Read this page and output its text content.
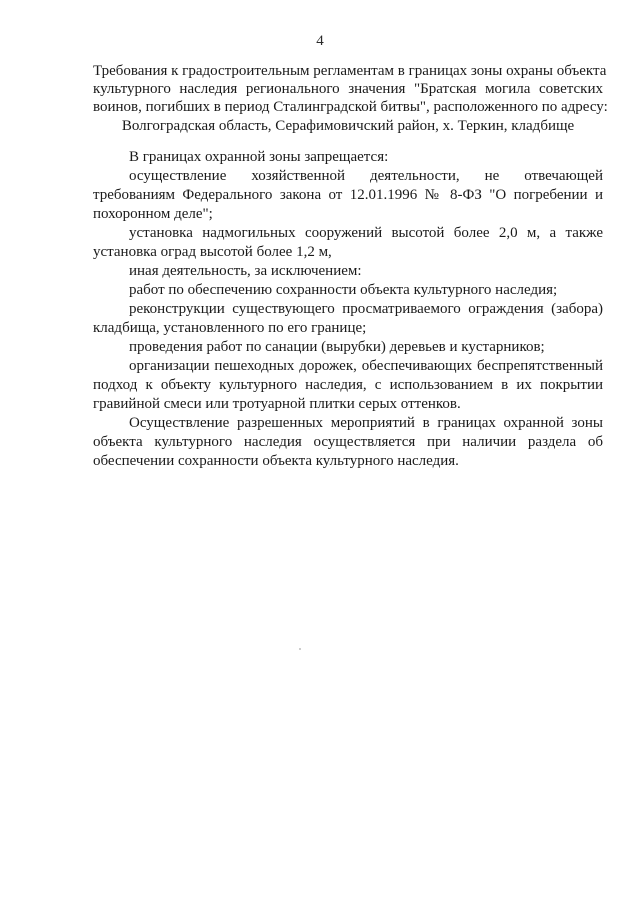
4
Требования к градостроительным регламентам в границах зоны охраны объекта
культурного наследия регионального значения "Братская могила советских
воинов, погибших в период Сталинградской битвы", расположенного по адресу:
Волгоградская область, Серафимовичский район, х. Теркин, кладбище

В границах охранной зоны запрещается:

осуществление хозяйственной деятельности, не отвечающей требованиям Федерального закона от 12.01.1996 № 8-ФЗ "О погребении и похоронном деле";

установка надмогильных сооружений высотой более 2,0 м, а также установка оград высотой более 1,2 м,

иная деятельность, за исключением:

работ по обеспечению сохранности объекта культурного наследия;

реконструкции существующего просматриваемого ограждения (забора) кладбища, установленного по его границе;

проведения работ по санации (вырубки) деревьев и кустарников;

организации пешеходных дорожек, обеспечивающих беспрепятственный подход к объекту культурного наследия, с использованием в их покрытии гравийной смеси или тротуарной плитки серых оттенков.

Осуществление разрешенных мероприятий в границах охранной зоны объекта культурного наследия осуществляется при наличии раздела об обеспечении сохранности объекта культурного наследия.
